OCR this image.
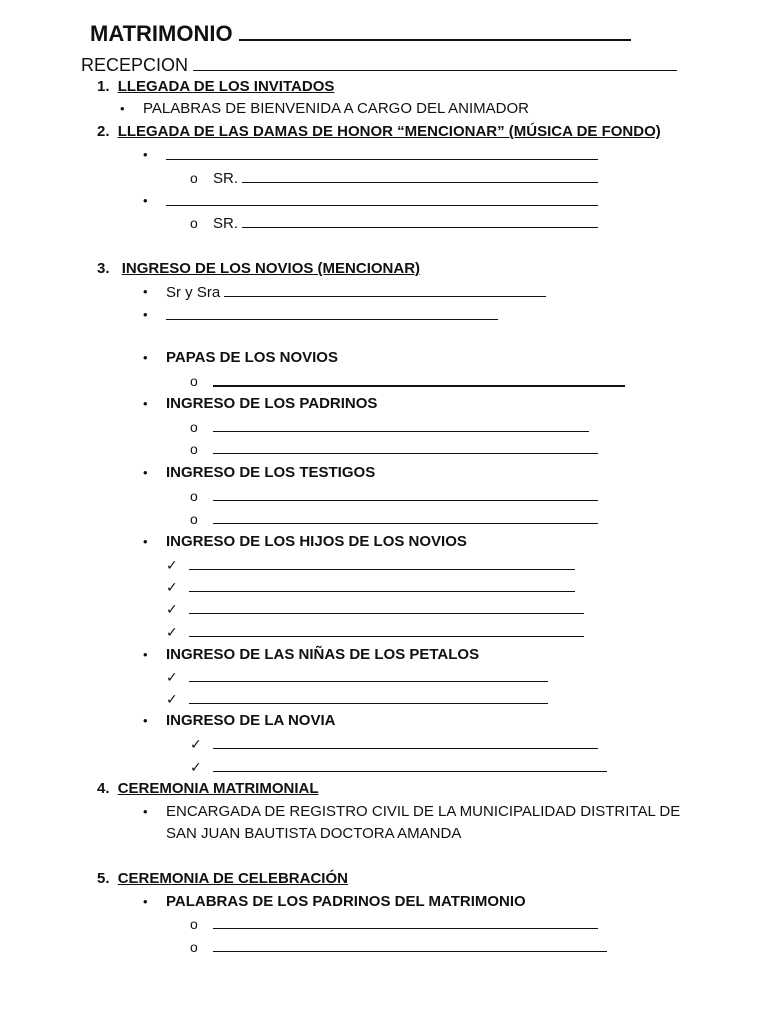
MATRIMONIO
RECEPCION
1. LLEGADA DE LOS INVITADOS
• PALABRAS DE BIENVENIDA A CARGO DEL ANIMADOR
2. LLEGADA DE LAS DAMAS DE HONOR “MENCIONAR” (MÚSICA DE FONDO)
•
o SR.
•
o SR.
3. INGRESO DE LOS NOVIOS (MENCIONAR)
• Sr y Sra
•
• PAPAS DE LOS NOVIOS
o
• INGRESO DE LOS PADRINOS
o
o
• INGRESO DE LOS TESTIGOS
o
o
• INGRESO DE LOS HIJOS DE LOS NOVIOS
✓
✓
✓
✓
• INGRESO DE LAS NIÑAS DE LOS PETALOS
✓
✓
• INGRESO DE LA NOVIA
✓
✓
4. CEREMONIA MATRIMONIAL
• ENCARGADA DE REGISTRO CIVIL DE LA MUNICIPALIDAD DISTRITAL DE
SAN JUAN BAUTISTA DOCTORA AMANDA
5. CEREMONIA DE CELEBRACIÓN
• PALABRAS DE LOS PADRINOS DEL MATRIMONIO
o
o
